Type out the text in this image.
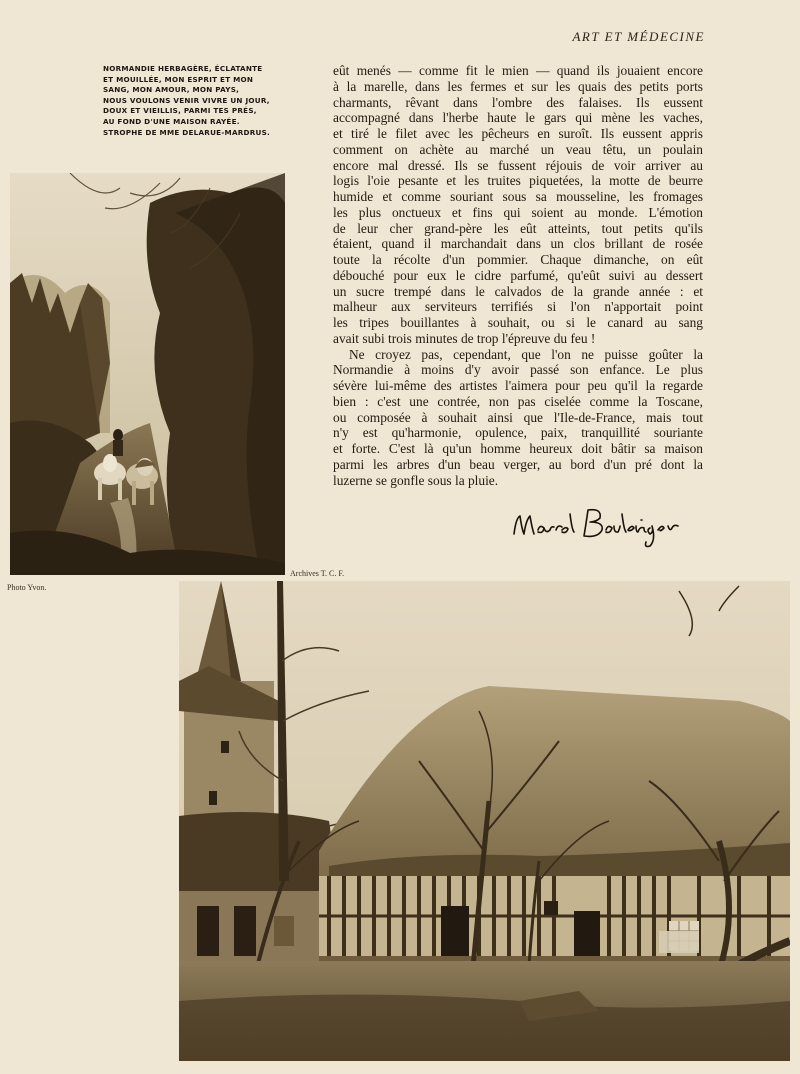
ART ET MÉDECINE
NORMANDIE HERBAGÈRE, ÉCLATANTE
ET MOUILLÉE, MON ESPRIT ET MON
SANG, MON AMOUR, MON PAYS,
NOUS VOULONS VENIR VIVRE UN JOUR,
DOUX ET VIEILLIS, PARMI TES PRÉS,
AU FOND D'UNE MAISON RAYÉE.
STROPHE DE MME DELARUE-MARDRUS.
Archives T. C. F.
Photo Yvon.
eût menés — comme fit le mien — quand ils jouaient encore
à la marelle, dans les fermes et sur les quais des petits ports
charmants, rêvant dans l'ombre des falaises. Ils eussent
accompagné dans l'herbe haute le gars qui mène les vaches,
et tiré le filet avec les pêcheurs en suroît. Ils eussent appris
comment on achète au marché un veau têtu, un poulain
encore mal dressé. Ils se fussent réjouis de voir arriver au
logis l'oie pesante et les truites piquetées, la motte de beurre
humide et comme souriant sous sa mousseline, les fromages
les plus onctueux et fins qui soient au monde. L'émotion
de leur cher grand-père les eût atteints, tout petits qu'ils
étaient, quand il marchandait dans un clos brillant de rosée
toute la récolte d'un pommier. Chaque dimanche, on eût
débouché pour eux le cidre parfumé, qu'eût suivi au dessert
un sucre trempé dans le calvados de la grande année : et
malheur aux serviteurs terrifiés si l'on n'apportait point
les tripes bouillantes à souhait, ou si le canard au sang
avait subi trois minutes de trop l'épreuve du feu !
Ne croyez pas, cependant, que l'on ne puisse goûter la
Normandie à moins d'y avoir passé son enfance. Le plus
sévère lui-même des artistes l'aimera pour peu qu'il la regarde
bien : c'est une contrée, non pas ciselée comme la Toscane,
ou composée à souhait ainsi que l'Ile-de-France, mais tout
n'y est qu'harmonie, opulence, paix, tranquillité souriante
et forte. C'est là qu'un homme heureux doit bâtir sa maison
parmi les arbres d'un beau verger, au bord d'un pré dont la
luzerne se gonfle sous la pluie.
